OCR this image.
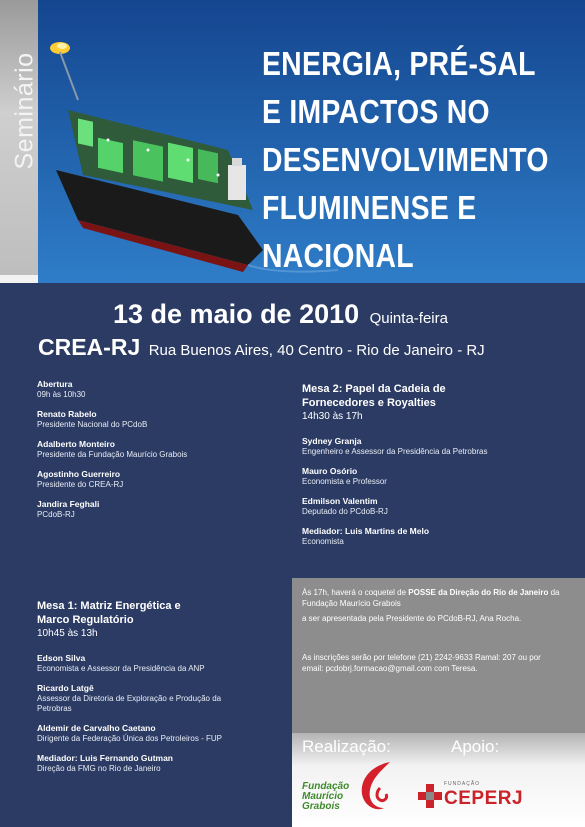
Seminário	ENERGIA, PRÉ-SAL
E IMPACTOS NO
DESENVOLVIMENTO
FLUMINENSE E
NACIONAL
13 de maio de 2010 Quinta-feira
CREA-RJ Rua Buenos Aires, 40 Centro - Rio de Janeiro - RJ
Abertura
09h às 10h30
Renato Rabelo
Presidente Nacional do PCdoB
Adalberto Monteiro
Presidente da Fundação Maurício Grabois
Agostinho Guerreiro
Presidente do CREA-RJ
Jandira Feghali
PCdoB-RJ
Mesa 2: Papel da Cadeia de
Fornecedores e Royalties
14h30 às 17h
Sydney Granja
Engenheiro e Assessor da Presidência da Petrobras
Mauro Osório
Economista e Professor
Edmilson Valentim
Deputado do PCdoB-RJ
Mediador: Luis Martins de Melo
Economista
Mesa 1: Matriz Energética e
Marco Regulatório
10h45 às 13h
Edson Silva
Economista e Assessor da Presidência da ANP
Ricardo Latgê
Assessor da Diretoria de Exploração e Produção da Petrobras
Aldemir de Carvalho Caetano
Dirigente da Federação Única dos Petroleiros - FUP
Mediador: Luis Fernando Gutman
Direção da FMG no Rio de Janeiro

Às 17h, haverá o coquetel de POSSE da Direção do Rio de Janeiro da Fundação Maurício Grabois

a ser apresentada pela Presidente do PCdoB-RJ, Ana Rocha.

As inscrições serão por telefone (21) 2242-9633 Ramal: 207 ou por email: pcdobrj.formacao@gmail.com com Teresa.

Realização:	Apoio:
Fundação
Maurício
Grabois
FUNDAÇÃO
CEPERJ
